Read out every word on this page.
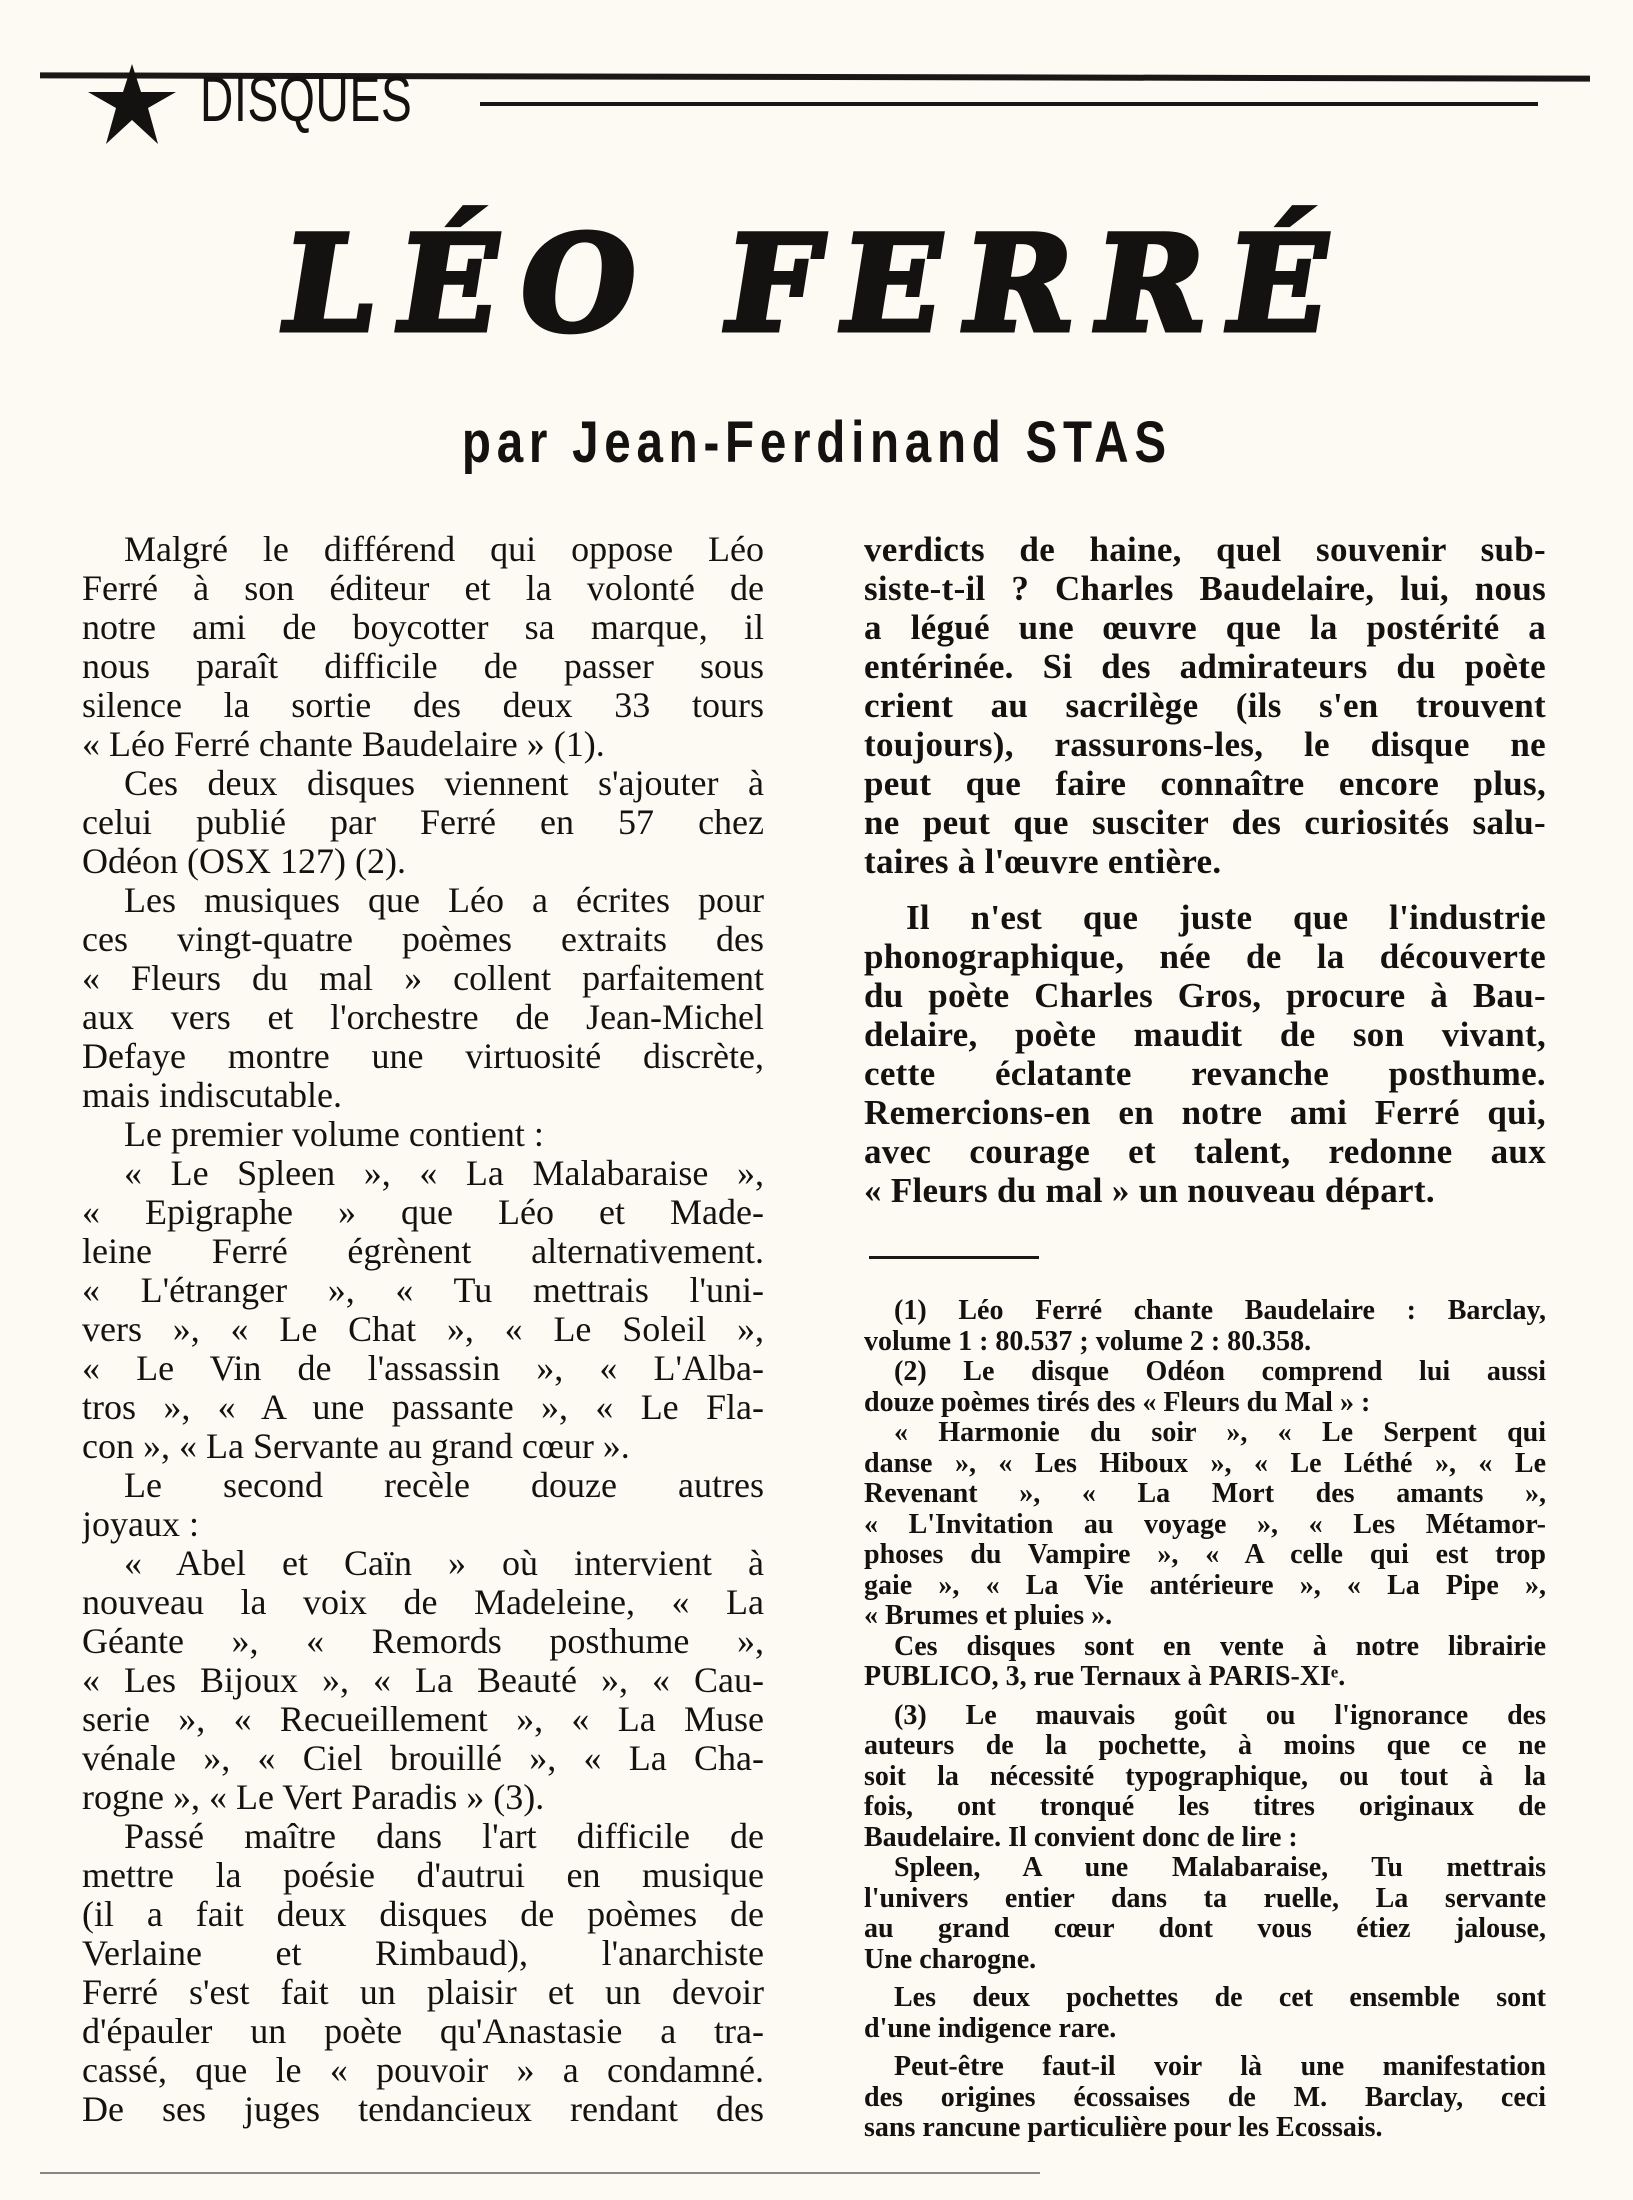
DISQUES
LÉO FERRÉ
par Jean-Ferdinand STAS
Malgré le différend qui oppose Léo
Ferré à son éditeur et la volonté de
notre ami de boycotter sa marque, il
nous paraît difficile de passer sous
silence la sortie des deux 33 tours
« Léo Ferré chante Baudelaire » (1).
Ces deux disques viennent s'ajouter à
celui publié par Ferré en 57 chez
Odéon (OSX 127) (2).
Les musiques que Léo a écrites pour
ces vingt-quatre poèmes extraits des
« Fleurs du mal » collent parfaitement
aux vers et l'orchestre de Jean-Michel
Defaye montre une virtuosité discrète,
mais indiscutable.
Le premier volume contient :
« Le Spleen », « La Malabaraise »,
« Epigraphe » que Léo et Made-
leine Ferré égrènent alternativement.
« L'étranger », « Tu mettrais l'uni-
vers », « Le Chat », « Le Soleil »,
« Le Vin de l'assassin », « L'Alba-
tros », « A une passante », « Le Fla-
con », « La Servante au grand cœur ».
Le second recèle douze autres
joyaux :
« Abel et Caïn » où intervient à
nouveau la voix de Madeleine, « La
Géante », « Remords posthume »,
« Les Bijoux », « La Beauté », « Cau-
serie », « Recueillement », « La Muse
vénale », « Ciel brouillé », « La Cha-
rogne », « Le Vert Paradis » (3).
Passé maître dans l'art difficile de
mettre la poésie d'autrui en musique
(il a fait deux disques de poèmes de
Verlaine et Rimbaud), l'anarchiste
Ferré s'est fait un plaisir et un devoir
d'épauler un poète qu'Anastasie a tra-
cassé, que le « pouvoir » a condamné.
De ses juges tendancieux rendant des
verdicts de haine, quel souvenir sub-
siste-t-il ? Charles Baudelaire, lui, nous
a légué une œuvre que la postérité a
entérinée. Si des admirateurs du poète
crient au sacrilège (ils s'en trouvent
toujours), rassurons-les, le disque ne
peut que faire connaître encore plus,
ne peut que susciter des curiosités salu-
taires à l'œuvre entière.
Il n'est que juste que l'industrie
phonographique, née de la découverte
du poète Charles Gros, procure à Bau-
delaire, poète maudit de son vivant,
cette éclatante revanche posthume.
Remercions-en en notre ami Ferré qui,
avec courage et talent, redonne aux
« Fleurs du mal » un nouveau départ.
(1) Léo Ferré chante Baudelaire : Barclay,
volume 1 : 80.537 ; volume 2 : 80.358.
(2) Le disque Odéon comprend lui aussi
douze poèmes tirés des « Fleurs du Mal » :
« Harmonie du soir », « Le Serpent qui
danse », « Les Hiboux », « Le Léthé », « Le
Revenant », « La Mort des amants »,
« L'Invitation au voyage », « Les Métamor-
phoses du Vampire », « A celle qui est trop
gaie », « La Vie antérieure », « La Pipe »,
« Brumes et pluies ».
Ces disques sont en vente à notre librairie
PUBLICO, 3, rue Ternaux à PARIS-XIᵉ.
(3) Le mauvais goût ou l'ignorance des
auteurs de la pochette, à moins que ce ne
soit la nécessité typographique, ou tout à la
fois, ont tronqué les titres originaux de
Baudelaire. Il convient donc de lire :
Spleen, A une Malabaraise, Tu mettrais
l'univers entier dans ta ruelle, La servante
au grand cœur dont vous étiez jalouse,
Une charogne.
Les deux pochettes de cet ensemble sont
d'une indigence rare.
Peut-être faut-il voir là une manifestation
des origines écossaises de M. Barclay, ceci
sans rancune particulière pour les Ecossais.
